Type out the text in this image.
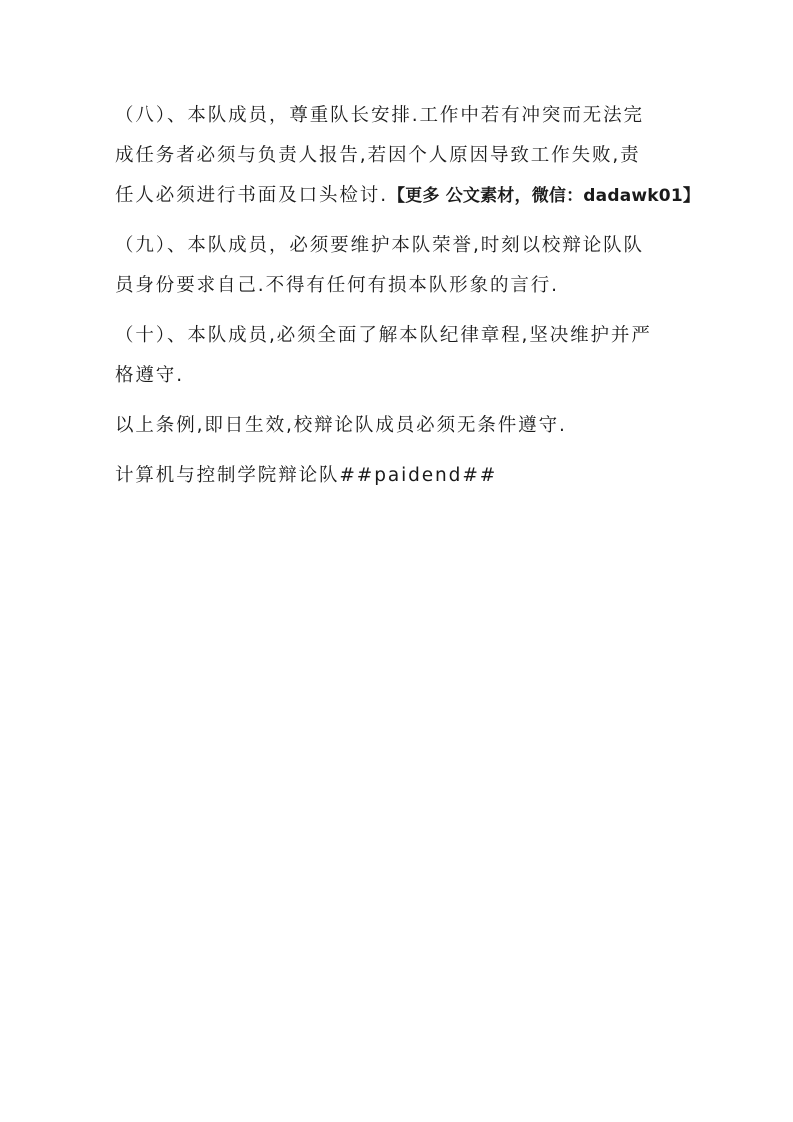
（八）、本队成员，尊重队长安排.工作中若有冲突而无法完
成任务者必须与负责人报告,若因个人原因导致工作失败,责
任人必须进行书面及口头检讨.【更多 公文素材，微信：dadawk01】

（九）、本队成员，必须要维护本队荣誉,时刻以校辩论队队
员身份要求自己.不得有任何有损本队形象的言行.

（十）、本队成员,必须全面了解本队纪律章程,坚决维护并严
格遵守.

以上条例,即日生效,校辩论队成员必须无条件遵守.

计算机与控制学院辩论队##paidend##
